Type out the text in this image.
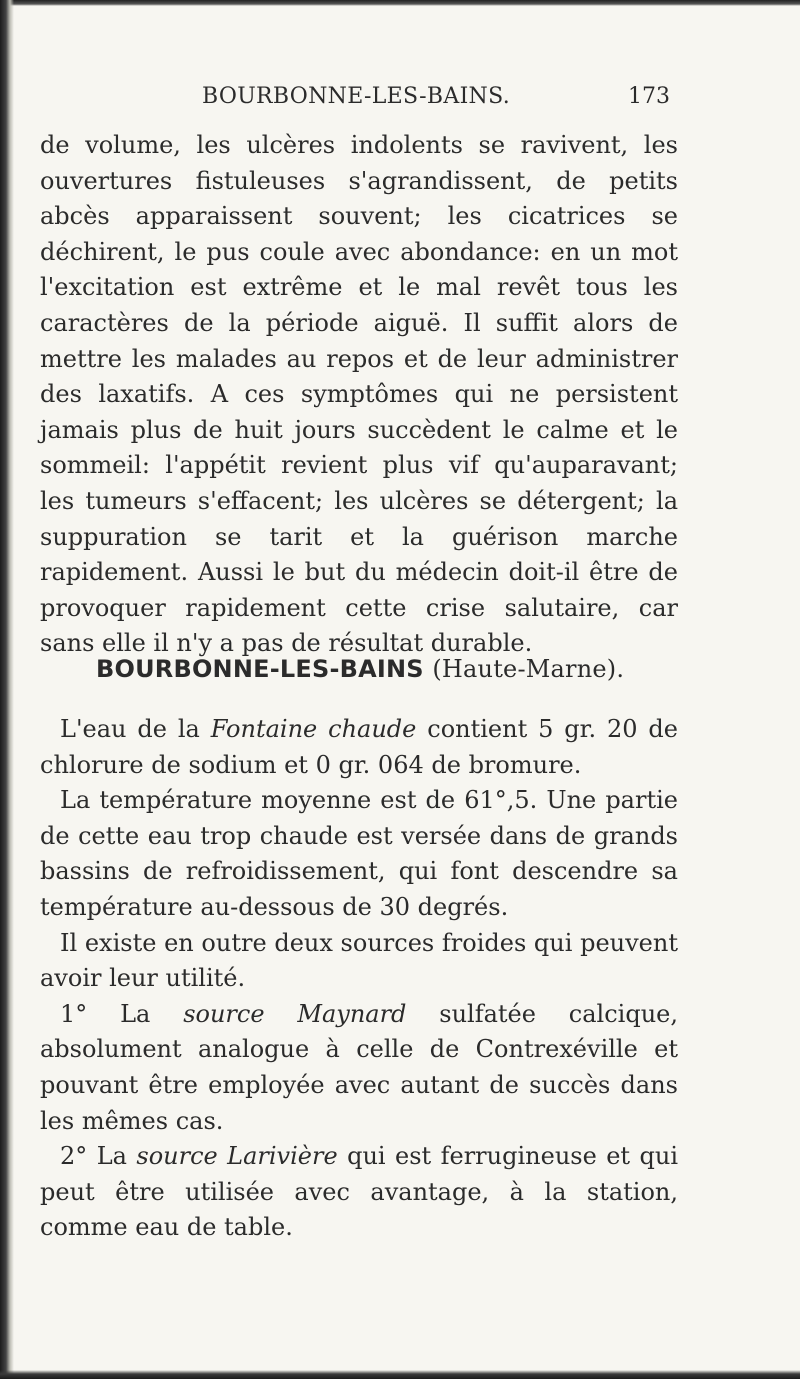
BOURBONNE-LES-BAINS.	173

de volume, les ulcères indolents se ravivent, les ouvertures fistuleuses s'agrandissent, de petits abcès apparaissent souvent; les cicatrices se déchirent, le pus coule avec abondance: en un mot l'excitation est extrême et le mal revêt tous les caractères de la période aiguë. Il suffit alors de mettre les malades au repos et de leur administrer des laxatifs. A ces symptômes qui ne persistent jamais plus de huit jours succèdent le calme et le sommeil: l'appétit revient plus vif qu'auparavant; les tumeurs s'effacent; les ulcères se détergent; la suppuration se tarit et la guérison marche rapidement. Aussi le but du médecin doit-il être de provoquer rapidement cette crise salutaire, car sans elle il n'y a pas de résultat durable.

BOURBONNE-LES-BAINS (Haute-Marne).

L'eau de la Fontaine chaude contient 5 gr. 20 de chlorure de sodium et 0 gr. 064 de bromure.

La température moyenne est de 61°,5. Une partie de cette eau trop chaude est versée dans de grands bassins de refroidissement, qui font descendre sa température au-dessous de 30 degrés.

Il existe en outre deux sources froides qui peuvent avoir leur utilité.

1° La source Maynard sulfatée calcique, absolument analogue à celle de Contrexéville et pouvant être employée avec autant de succès dans les mêmes cas.

2° La source Larivière qui est ferrugineuse et qui peut être utilisée avec avantage, à la station, comme eau de table.
